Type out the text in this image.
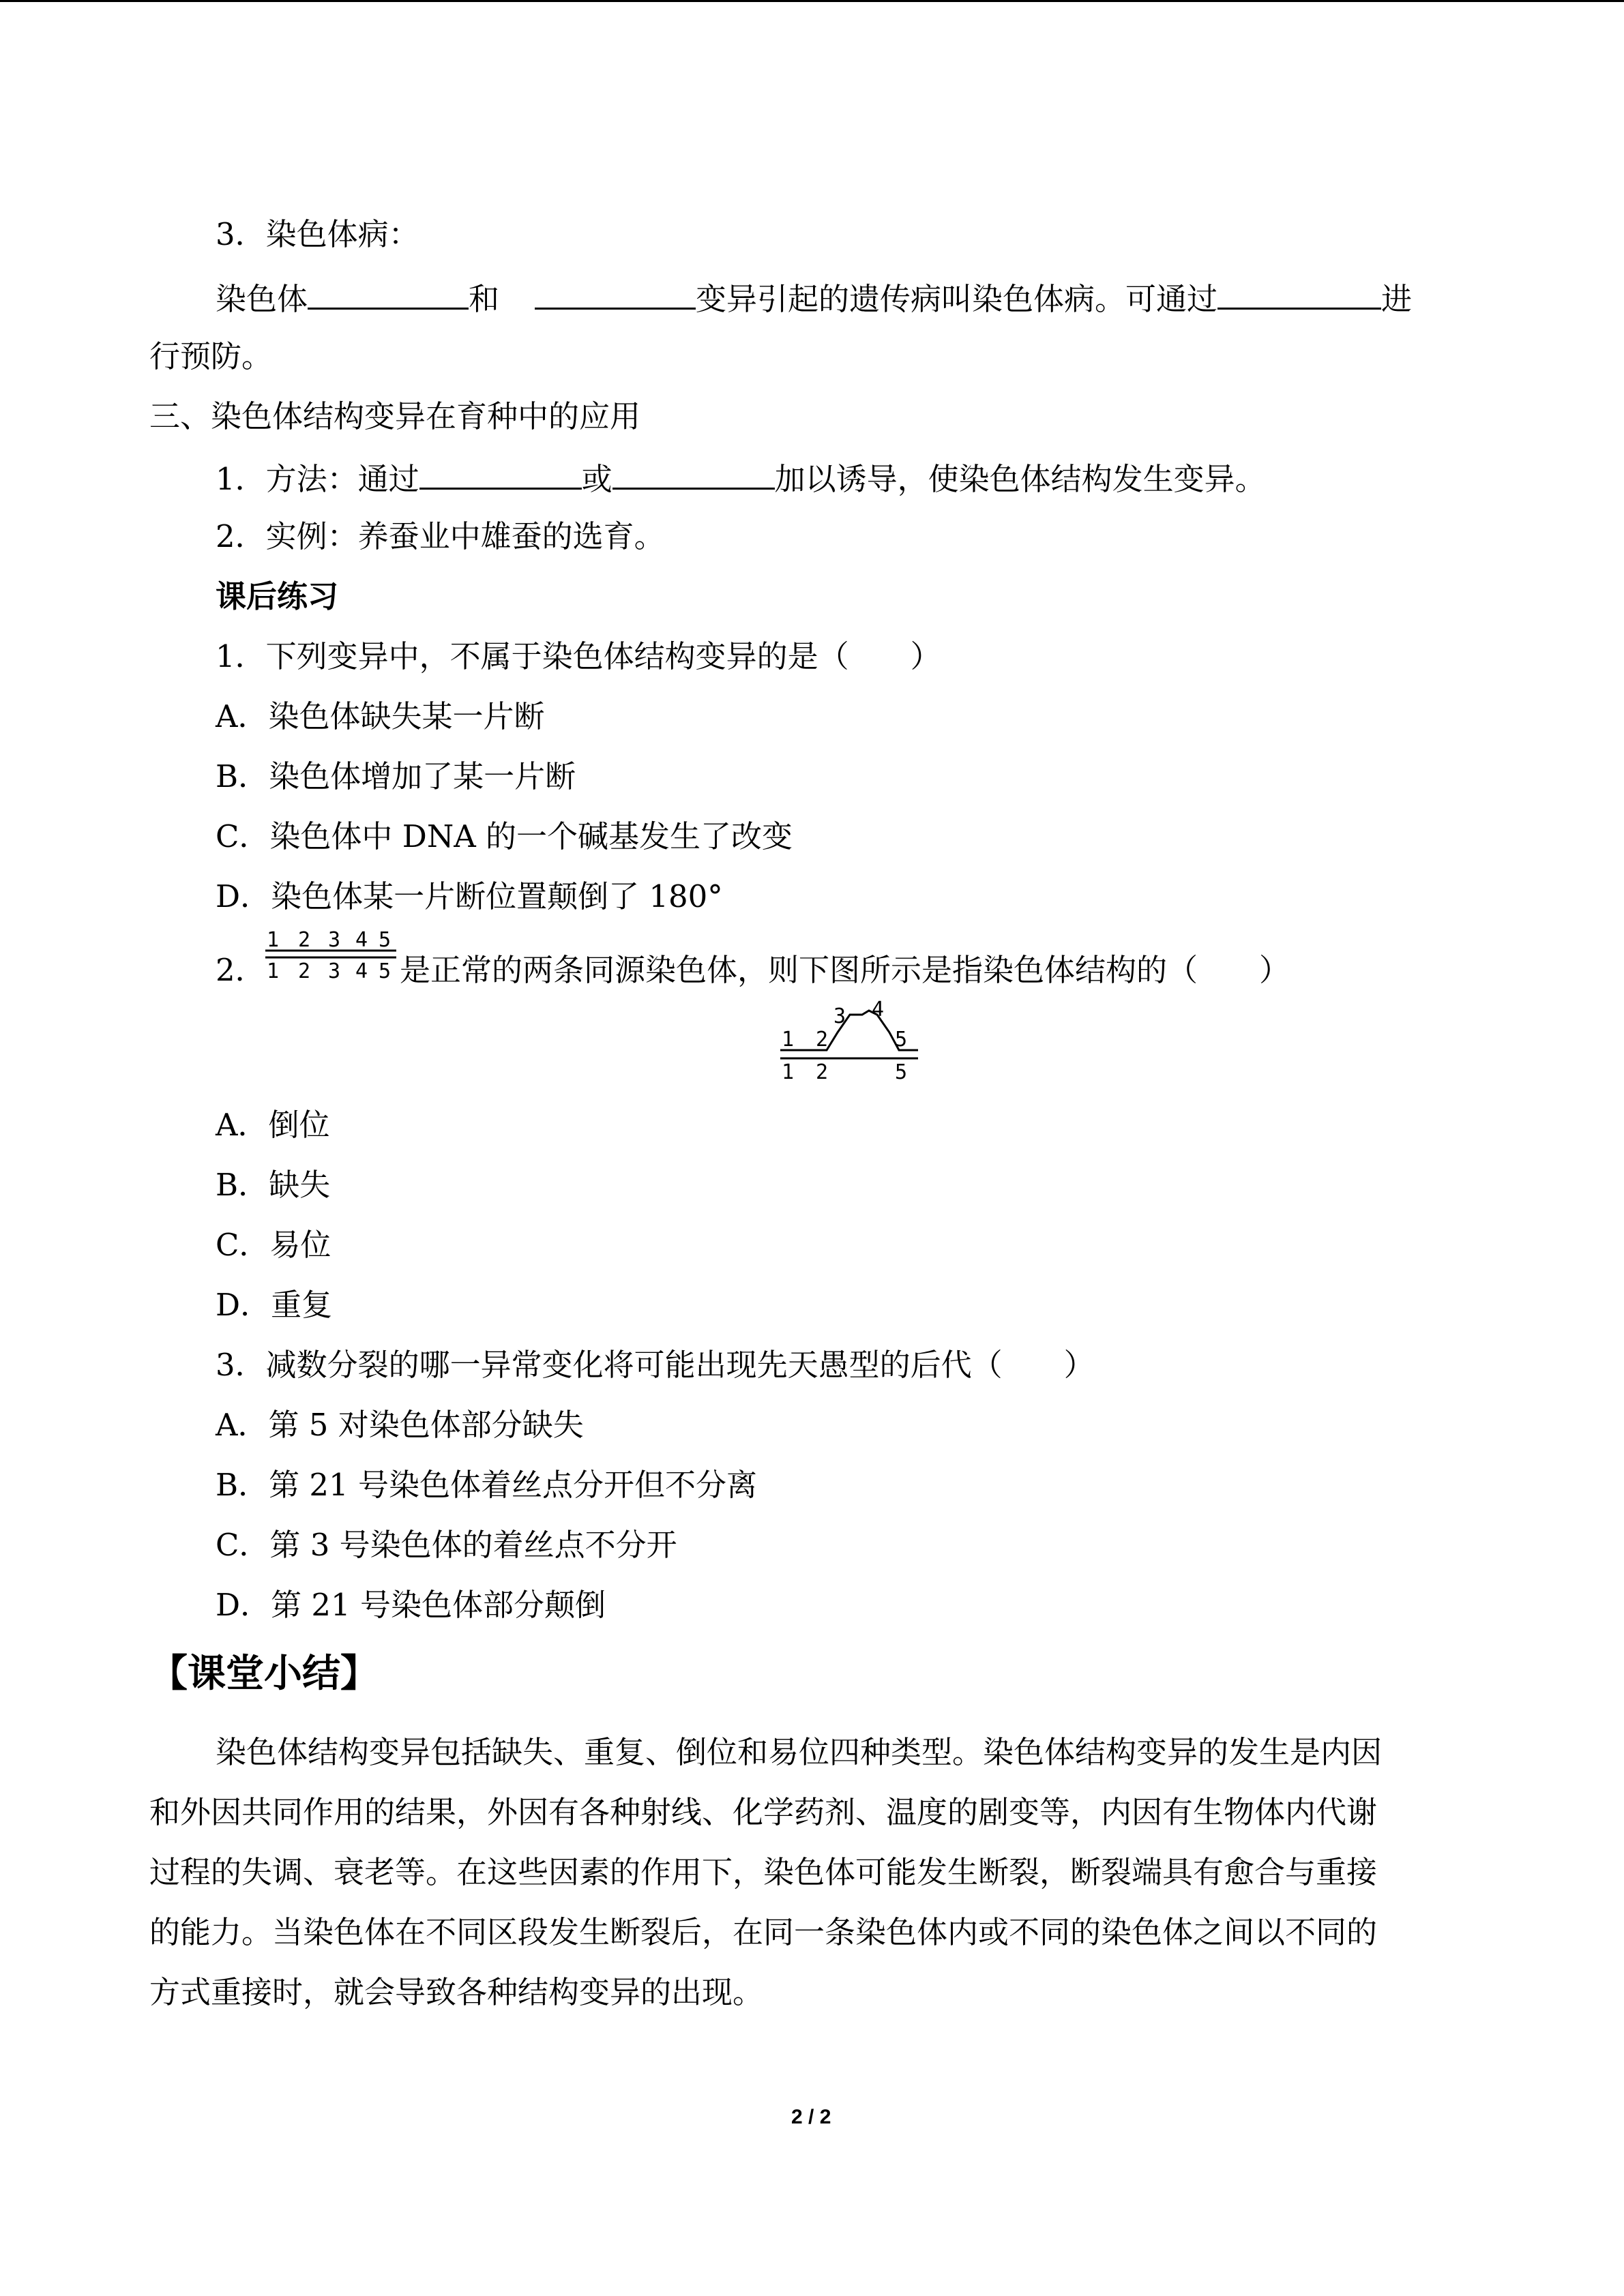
3．染色体病：
染色体	和	变异引起的遗传病叫染色体病。可通过	进
行预防。
三、染色体结构变异在育种中的应用
1．方法：通过	或	加以诱导，使染色体结构发生变异。
2．实例：养蚕业中雄蚕的选育。
课后练习
1．下列变异中，不属于染色体结构变异的是（　　）
A．染色体缺失某一片断
B．染色体增加了某一片断
C．染色体中 DNA 的一个碱基发生了改变
D．染色体某一片断位置颠倒了 180°
2．
1 2 3 4 5
1 2 3 4 5 是正常的两条同源染色体，则下图所示是指染色体结构的（　　）
1 2
3 4
5
1 2	5
A．倒位
B．缺失
C．易位
D．重复
3．减数分裂的哪一异常变化将可能出现先天愚型的后代（　　）
A．第 5 对染色体部分缺失
B．第 21 号染色体着丝点分开但不分离
C．第 3 号染色体的着丝点不分开
D．第 21 号染色体部分颠倒
【课堂小结】
染色体结构变异包括缺失、重复、倒位和易位四种类型。染色体结构变异的发生是内因
和外因共同作用的结果，外因有各种射线、化学药剂、温度的剧变等，内因有生物体内代谢
过程的失调、衰老等。在这些因素的作用下，染色体可能发生断裂，断裂端具有愈合与重接
的能力。当染色体在不同区段发生断裂后，在同一条染色体内或不同的染色体之间以不同的
方式重接时，就会导致各种结构变异的出现。
2 / 2
